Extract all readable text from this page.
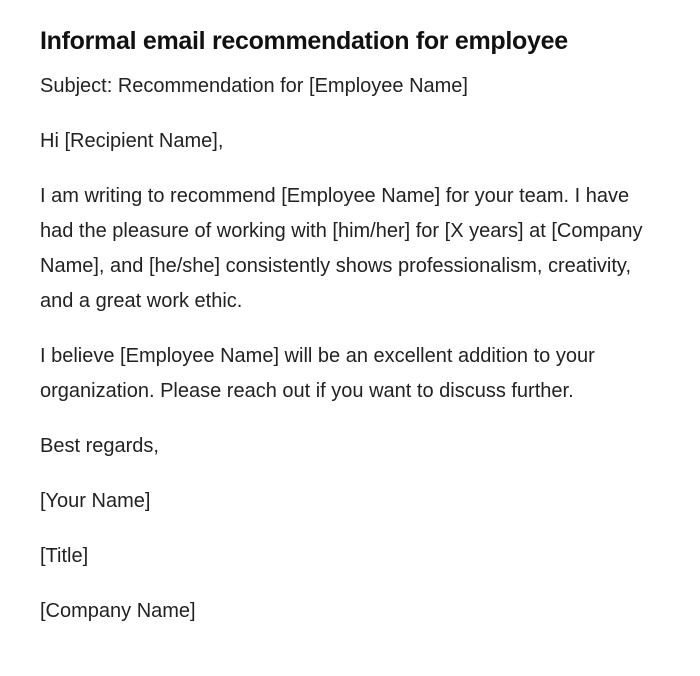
Informal email recommendation for employee

Subject: Recommendation for [Employee Name]

Hi [Recipient Name],

I am writing to recommend [Employee Name] for your team. I have had the pleasure of working with [him/her] for [X years] at [Company Name], and [he/she] consistently shows professionalism, creativity, and a great work ethic.

I believe [Employee Name] will be an excellent addition to your organization. Please reach out if you want to discuss further.

Best regards,

[Your Name]

[Title]

[Company Name]
